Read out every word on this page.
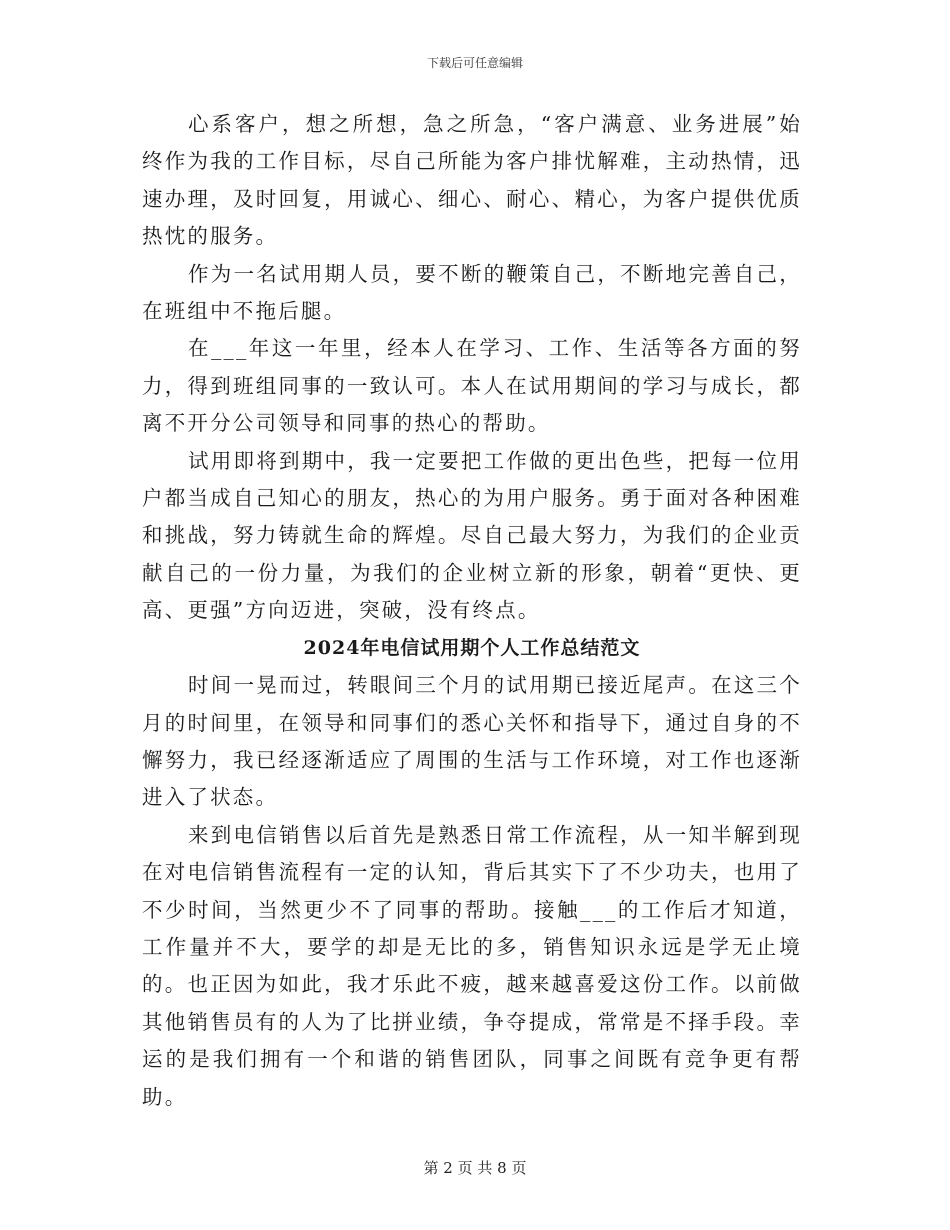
下载后可任意编辑

心系客户，想之所想，急之所急，“客户满意、业务进展”始终作为我的工作目标，尽自己所能为客户排忧解难，主动热情，迅速办理，及时回复，用诚心、细心、耐心、精心，为客户提供优质热忱的服务。

作为一名试用期人员，要不断的鞭策自己，不断地完善自己，在班组中不拖后腿。

在___年这一年里，经本人在学习、工作、生活等各方面的努力，得到班组同事的一致认可。本人在试用期间的学习与成长，都离不开分公司领导和同事的热心的帮助。

试用即将到期中，我一定要把工作做的更出色些，把每一位用户都当成自己知心的朋友，热心的为用户服务。勇于面对各种困难和挑战，努力铸就生命的辉煌。尽自己最大努力，为我们的企业贡献自己的一份力量，为我们的企业树立新的形象，朝着“更快、更高、更强”方向迈进，突破，没有终点。

2024年电信试用期个人工作总结范文

时间一晃而过，转眼间三个月的试用期已接近尾声。在这三个月的时间里，在领导和同事们的悉心关怀和指导下，通过自身的不懈努力，我已经逐渐适应了周围的生活与工作环境，对工作也逐渐进入了状态。

来到电信销售以后首先是熟悉日常工作流程，从一知半解到现在对电信销售流程有一定的认知，背后其实下了不少功夫，也用了不少时间，当然更少不了同事的帮助。接触___的工作后才知道，工作量并不大，要学的却是无比的多，销售知识永远是学无止境的。也正因为如此，我才乐此不疲，越来越喜爱这份工作。以前做其他销售员有的人为了比拼业绩，争夺提成，常常是不择手段。幸运的是我们拥有一个和谐的销售团队，同事之间既有竞争更有帮助。

第 2 页 共 8 页
